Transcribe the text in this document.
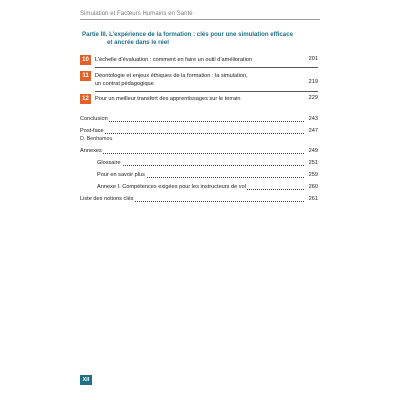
Simulation et Facteurs Humains en Santé
Partie III. L’expérience de la formation : clés pour une simulation efficace
et ancrée dans le réel
10	L’échelle d’évaluation : comment en faire un outil d’amélioration	201
11	Déontologie et enjeux éthiques de la formation : la simulation,
un contrat pédagogique	219
12	Pour un meilleur transfert des apprentissages sur le terrain	229
Conclusion	243
Post-face	247
D. Benhamou
Annexes	249
Glossaire	251
Pour en savoir plus	259
Annexe I. Compétences exigées pour les instructeurs de vol	260
Liste des notions clés	261
XII
